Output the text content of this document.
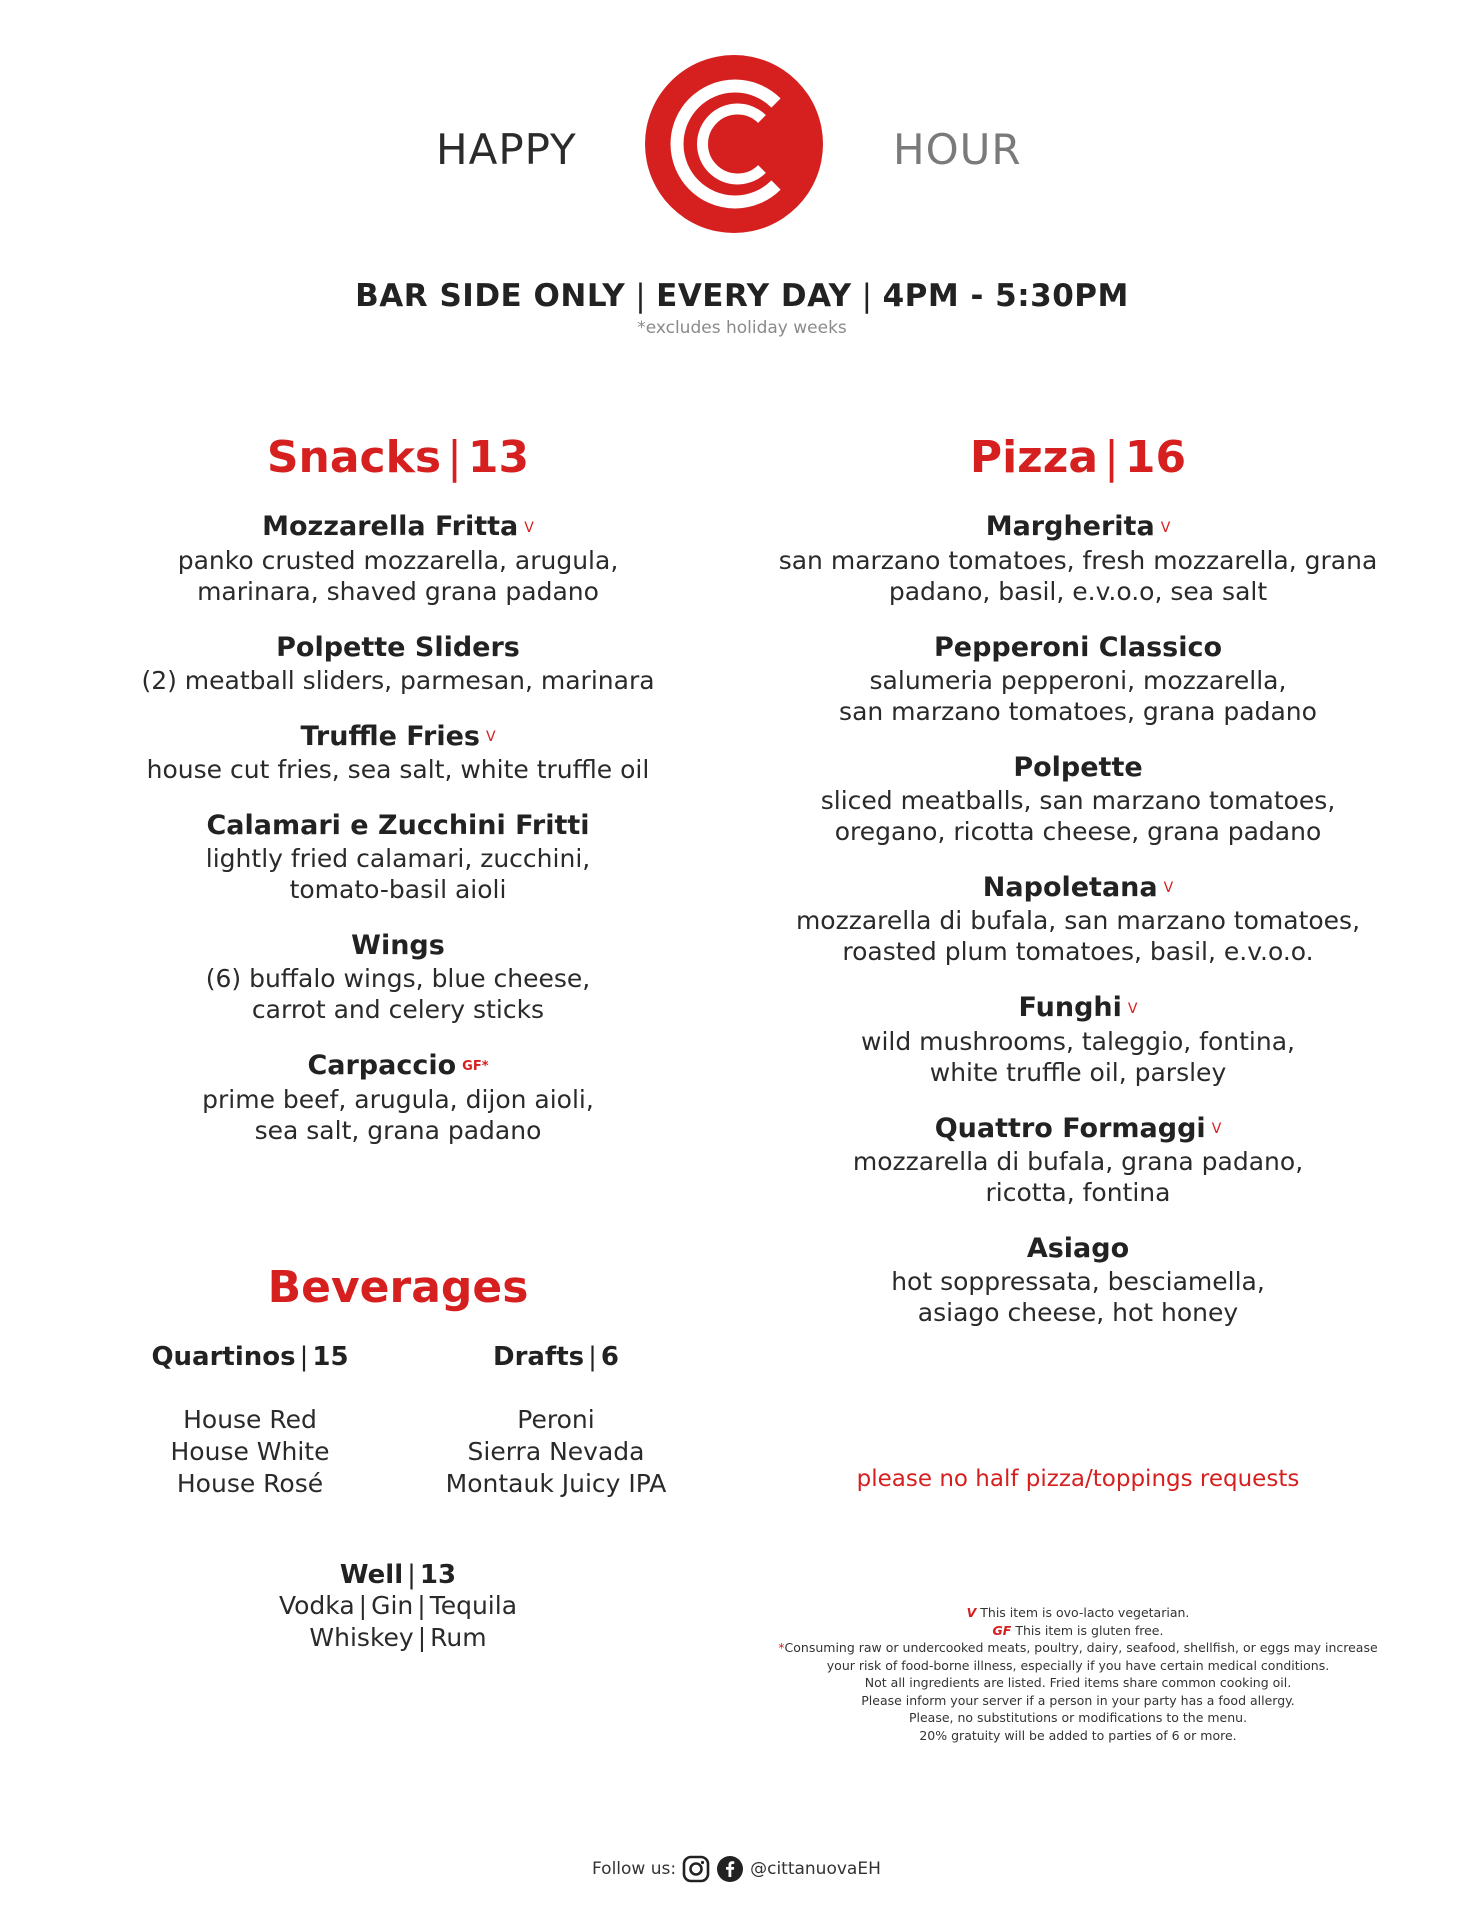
HAPPY	HOUR
BAR SIDE ONLY | EVERY DAY | 4PM - 5:30PM
*excludes holiday weeks
Snacks | 13
Mozzarella Fritta V
panko crusted mozzarella, arugula,
marinara, shaved grana padano
Polpette Sliders
(2) meatball sliders, parmesan, marinara
Truffle Fries V
house cut fries, sea salt, white truffle oil
Calamari e Zucchini Fritti
lightly fried calamari, zucchini,
tomato-basil aioli
Wings
(6) buffalo wings, blue cheese,
carrot and celery sticks
Carpaccio GF*
prime beef, arugula, dijon aioli,
sea salt, grana padano
Pizza | 16
Margherita V
san marzano tomatoes, fresh mozzarella, grana
padano, basil, e.v.o.o, sea salt
Pepperoni Classico
salumeria pepperoni, mozzarella,
san marzano tomatoes, grana padano
Polpette
sliced meatballs, san marzano tomatoes,
oregano, ricotta cheese, grana padano
Napoletana V
mozzarella di bufala, san marzano tomatoes,
roasted plum tomatoes, basil, e.v.o.o.
Funghi V
wild mushrooms, taleggio, fontina,
white truffle oil, parsley
Quattro Formaggi V
mozzarella di bufala, grana padano,
ricotta, fontina
Asiago
hot soppressata, besciamella,
asiago cheese, hot honey
please no half pizza/toppings requests
Beverages
Quartinos | 15
House Red
House White
House Rosé
Drafts | 6
Peroni
Sierra Nevada
Montauk Juicy IPA
Well | 13
Vodka | Gin | Tequila
Whiskey | Rum
V This item is ovo-lacto vegetarian.
GF This item is gluten free.
*Consuming raw or undercooked meats, poultry, dairy, seafood, shellfish, or eggs may increase
your risk of food-borne illness, especially if you have certain medical conditions.
Not all ingredients are listed. Fried items share common cooking oil.
Please inform your server if a person in your party has a food allergy.
Please, no substitutions or modifications to the menu.
20% gratuity will be added to parties of 6 or more.
Follow us:	@cittanuovaEH
